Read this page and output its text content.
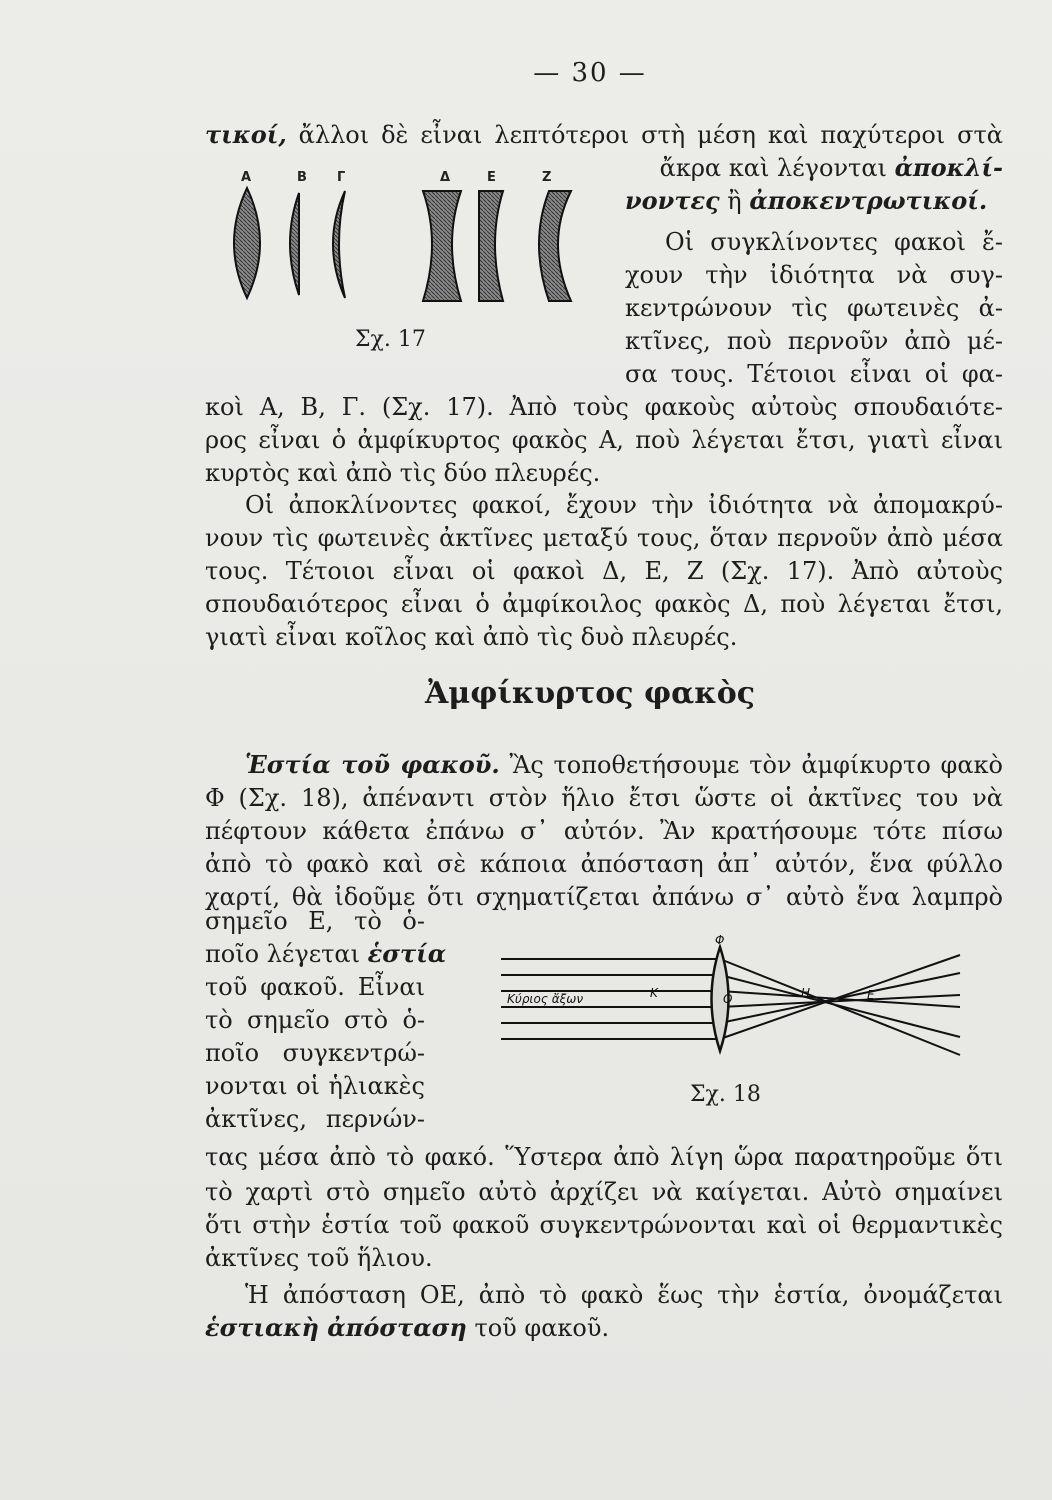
— 30 —
τικοί, ἄλλοι δὲ εἶναι λεπτότεροι στὴ μέση καὶ παχύτεροι στὰ
ἄκρα καὶ λέγονται ἀποκλί-
νοντες ἢ ἀποκεντρωτικοί.
Οἱ συγκλίνοντες φακοὶ ἔ-
χουν τὴν ἰδιότητα νὰ συγ-
κεντρώνουν τὶς φωτεινὲς ἀ-
κτῖνες, ποὺ περνοῦν ἀπὸ μέ-
σα τους. Τέτοιοι εἶναι οἱ φα-
κοὶ Α, Β, Γ. (Σχ. 17). Ἀπὸ τοὺς φακοὺς αὐτοὺς σπουδαιότε-
ρος εἶναι ὁ ἀμφίκυρτος φακὸς Α, ποὺ λέγεται ἔτσι, γιατὶ εἶναι
κυρτὸς καὶ ἀπὸ τὶς δύο πλευρές.
Α	Β Γ	Δ	Ε	Ζ
Σχ. 17
Οἱ ἀποκλίνοντες φακοί, ἔχουν τὴν ἰδιότητα νὰ ἀπομακρύ-
νουν τὶς φωτεινὲς ἀκτῖνες μεταξύ τους, ὅταν περνοῦν ἀπὸ μέσα
τους. Τέτοιοι εἶναι οἱ φακοὶ Δ, Ε, Ζ (Σχ. 17). Ἀπὸ αὐτοὺς
σπουδαιότερος εἶναι ὁ ἀμφίκοιλος φακὸς Δ, ποὺ λέγεται ἔτσι,
γιατὶ εἶναι κοῖλος καὶ ἀπὸ τὶς δυὸ πλευρές.
Ἀμφίκυρτος φακὸς
Ἑστία τοῦ φακοῦ. Ἂς τοποθετήσουμε τὸν ἀμφίκυρτο φακὸ
Φ (Σχ. 18), ἀπέναντι στὸν ἥλιο ἔτσι ὥστε οἱ ἀκτῖνες του νὰ
πέφτουν κάθετα ἐπάνω σ᾿ αὐτόν. Ἂν κρατήσουμε τότε πίσω
ἀπὸ τὸ φακὸ καὶ σὲ κάποια ἀπόσταση ἀπ᾿ αὐτόν, ἕνα φύλλο
χαρτί, θὰ ἰδοῦμε ὅτι σχηματίζεται ἀπάνω σ᾿ αὐτὸ ἕνα λαμπρὸ
σημεῖο Ε, τὸ ὁ-
ποῖο λέγεται ἑστία
τοῦ φακοῦ. Εἶναι
τὸ σημεῖο στὸ ὁ-
ποῖο συγκεντρώ-
νονται οἱ ἡλιακὲς
ἀκτῖνες, περνών-
τας μέσα ἀπὸ τὸ φακό. Ὕστερα ἀπὸ λίγη ὥρα παρατηροῦμε ὅτι
τὸ χαρτὶ στὸ σημεῖο αὐτὸ ἀρχίζει νὰ καίγεται. Αὐτὸ σημαίνει
ὅτι στὴν ἑστία τοῦ φακοῦ συγκεντρώνονται καὶ οἱ θερμαντικὲς
ἀκτῖνες τοῦ ἥλιου.
Φ
Κύριος ἄξων	Κ	Ο	Η	Ε
Σχ. 18
Ἡ ἀπόσταση ΟΕ, ἀπὸ τὸ φακὸ ἕως τὴν ἑστία, ὀνομάζεται
ἑστιακὴ ἀπόσταση τοῦ φακοῦ.
